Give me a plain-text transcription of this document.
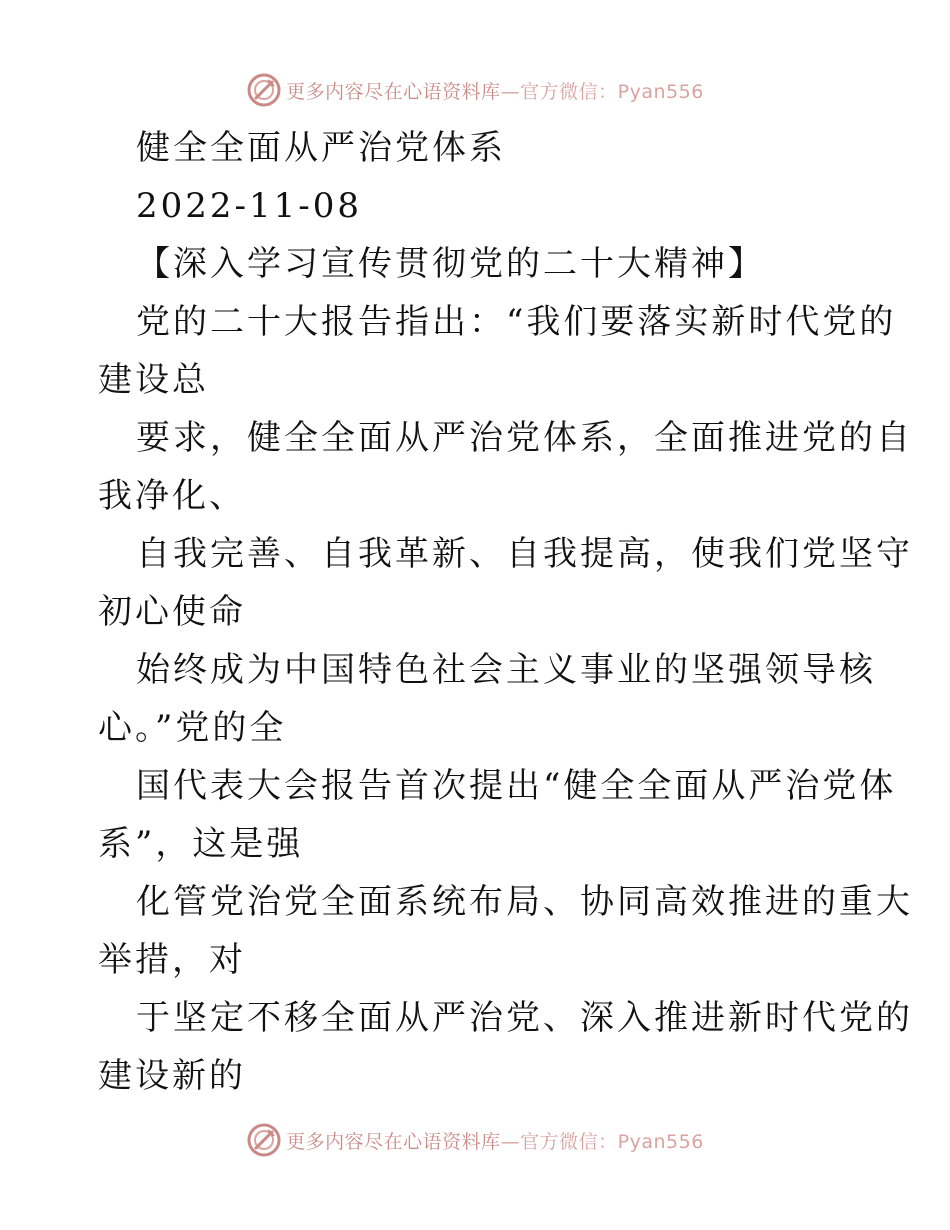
更多内容尽在心语资料库—官方微信：Pyan556
健全全面从严治党体系
2022-11-08
【深入学习宣传贯彻党的二十大精神】
党的二十大报告指出：“我们要落实新时代党的
建设总
要求，健全全面从严治党体系，全面推进党的自
我净化、
自我完善、自我革新、自我提高，使我们党坚守
初心使命
始终成为中国特色社会主义事业的坚强领导核
心。”党的全
国代表大会报告首次提出“健全全面从严治党体
系”，这是强
化管党治党全面系统布局、协同高效推进的重大
举措，对
于坚定不移全面从严治党、深入推进新时代党的
建设新的
更多内容尽在心语资料库—官方微信：Pyan556
